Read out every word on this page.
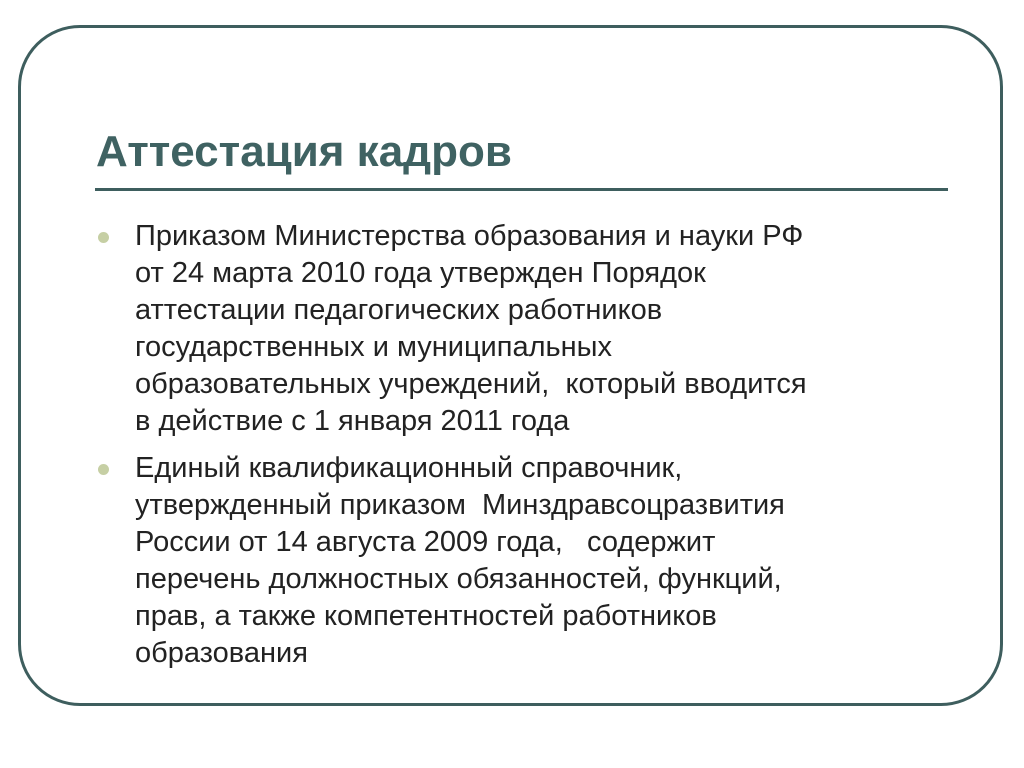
Аттестация кадров
Приказом Министерства образования и науки РФ
от 24 марта 2010 года утвержден Порядок
аттестации педагогических работников
государственных и муниципальных
образовательных учреждений,  который вводится
в действие с 1 января 2011 года
Единый квалификационный справочник,
утвержденный приказом  Минздравсоцразвития
России от 14 августа 2009 года,   содержит
перечень должностных обязанностей, функций,
прав, а также компетентностей работников
образования
